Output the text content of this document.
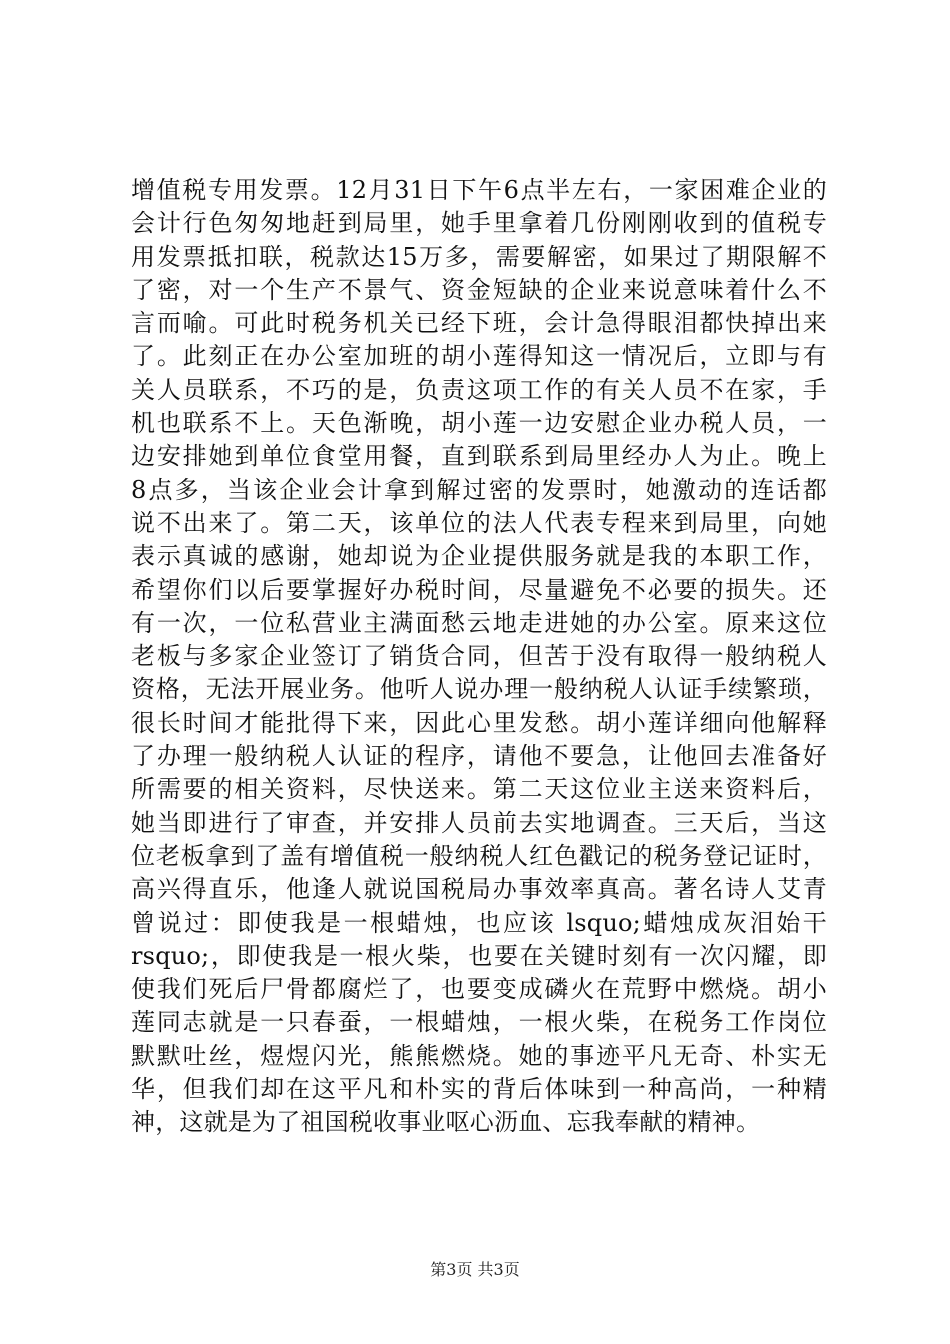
增值税专用发票。12月31日下午6点半左右，一家困难企业的
会计行色匆匆地赶到局里，她手里拿着几份刚刚收到的值税专
用发票抵扣联，税款达15万多，需要解密，如果过了期限解不
了密，对一个生产不景气、资金短缺的企业来说意味着什么不
言而喻。可此时税务机关已经下班，会计急得眼泪都快掉出来
了。此刻正在办公室加班的胡小莲得知这一情况后，立即与有
关人员联系，不巧的是，负责这项工作的有关人员不在家，手
机也联系不上。天色渐晚，胡小莲一边安慰企业办税人员，一
边安排她到单位食堂用餐，直到联系到局里经办人为止。晚上
8点多，当该企业会计拿到解过密的发票时，她激动的连话都
说不出来了。第二天，该单位的法人代表专程来到局里，向她
表示真诚的感谢，她却说为企业提供服务就是我的本职工作，
希望你们以后要掌握好办税时间，尽量避免不必要的损失。还
有一次，一位私营业主满面愁云地走进她的办公室。原来这位
老板与多家企业签订了销货合同，但苦于没有取得一般纳税人
资格，无法开展业务。他听人说办理一般纳税人认证手续繁琐，
很长时间才能批得下来，因此心里发愁。胡小莲详细向他解释
了办理一般纳税人认证的程序，请他不要急，让他回去准备好
所需要的相关资料，尽快送来。第二天这位业主送来资料后，
她当即进行了审查，并安排人员前去实地调查。三天后，当这
位老板拿到了盖有增值税一般纳税人红色戳记的税务登记证时，
高兴得直乐，他逢人就说国税局办事效率真高。著名诗人艾青
曾说过：即使我是一根蜡烛，也应该 lsquo;蜡烛成灰泪始干
rsquo;，即使我是一根火柴，也要在关键时刻有一次闪耀，即
使我们死后尸骨都腐烂了，也要变成磷火在荒野中燃烧。胡小
莲同志就是一只春蚕，一根蜡烛，一根火柴，在税务工作岗位
默默吐丝，煜煜闪光，熊熊燃烧。她的事迹平凡无奇、朴实无
华，但我们却在这平凡和朴实的背后体味到一种高尚，一种精
神，这就是为了祖国税收事业呕心沥血、忘我奉献的精神。
第3页 共3页
